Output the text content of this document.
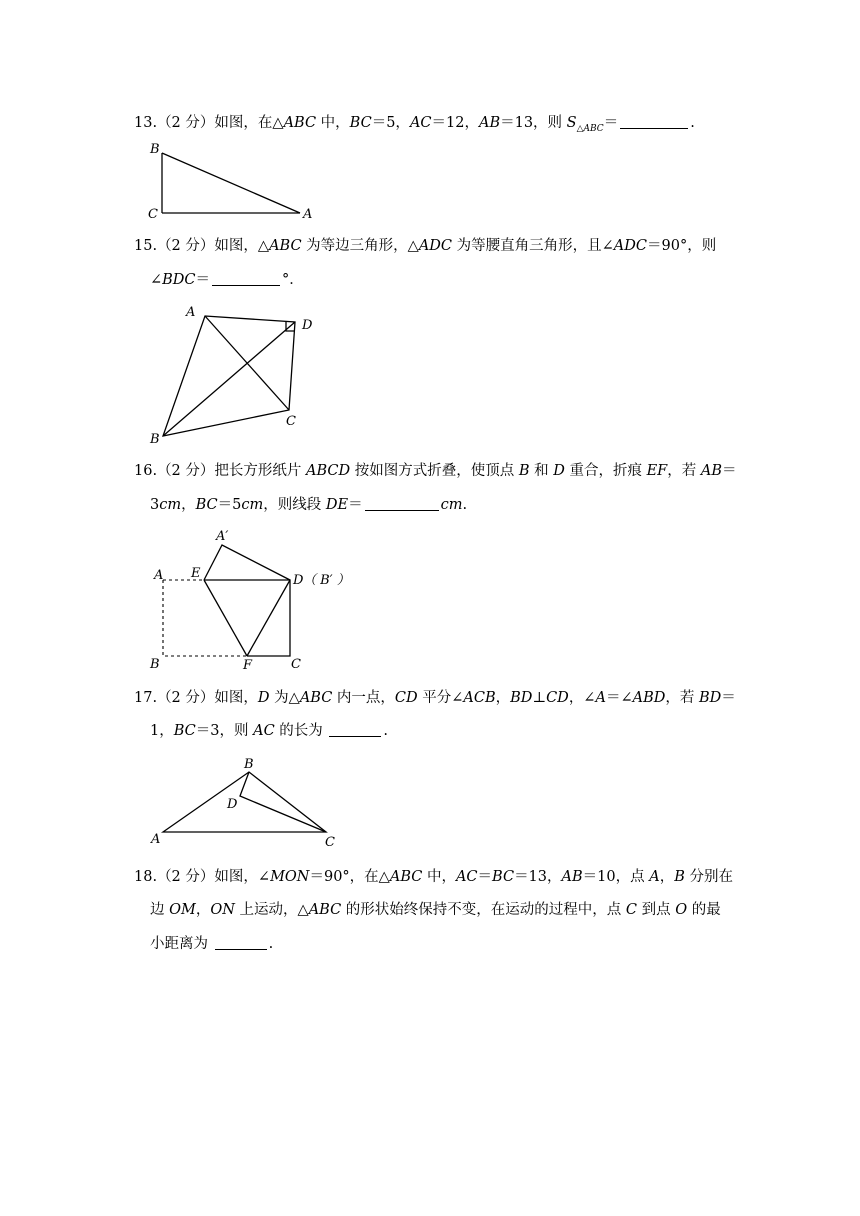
13.（2 分）如图，在△ABC 中，BC＝5，AC＝12，AB＝13，则 $S_{\triangle ABC}=$	.
B
C	A
A
D
B
C
A′
A E	D （ B′ ）
B	F	C
B
D
A	C
15.（2 分）如图，△ABC 为等边三角形，△ADC 为等腰直角三角形，且∠ADC＝90°，则
∠BDC＝	°．
16.（2 分）把长方形纸片 ABCD 按如图方式折叠，使顶点 B 和 D 重合，折痕 EF，若 AB＝
3cm，BC＝5cm，则线段 DE＝	cm.
17.（2 分）如图，D 为△ABC 内一点，CD 平分∠ACB，BD⊥CD，∠A＝∠ABD，若 BD＝
1，BC＝3，则 AC 的长为	.
18.（2 分）如图，∠MON＝90°，在△ABC 中，AC＝BC＝13，AB＝10，点 A，B 分别在
边 OM，ON 上运动，△ABC 的形状始终保持不变，在运动的过程中，点 C 到点 O 的最
小距离为	.
